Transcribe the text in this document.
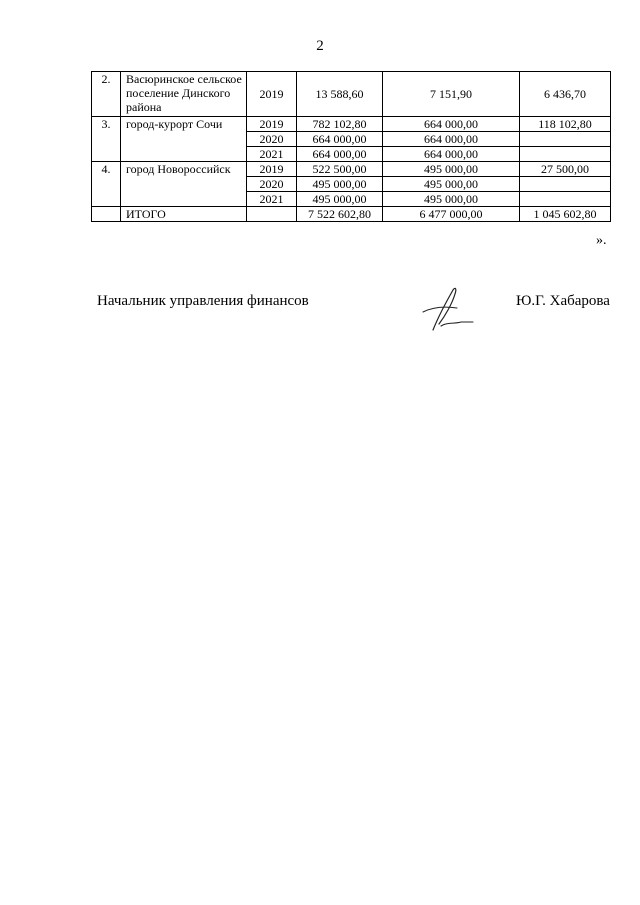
2
2.	Васюринское сельское поселение Динского района	2019	13 588,60	7 151,90	6 436,70
3.	город-курорт Сочи	2019	782 102,80	664 000,00	118 102,80
		2020	664 000,00	664 000,00	
		2021	664 000,00	664 000,00	
4.	город Новороссийск	2019	522 500,00	495 000,00	27 500,00
		2020	495 000,00	495 000,00	
		2021	495 000,00	495 000,00	
	ИТОГО		7 522 602,80	6 477 000,00	1 045 602,80
».
Начальник управления финансов	Ю.Г. Хабарова
